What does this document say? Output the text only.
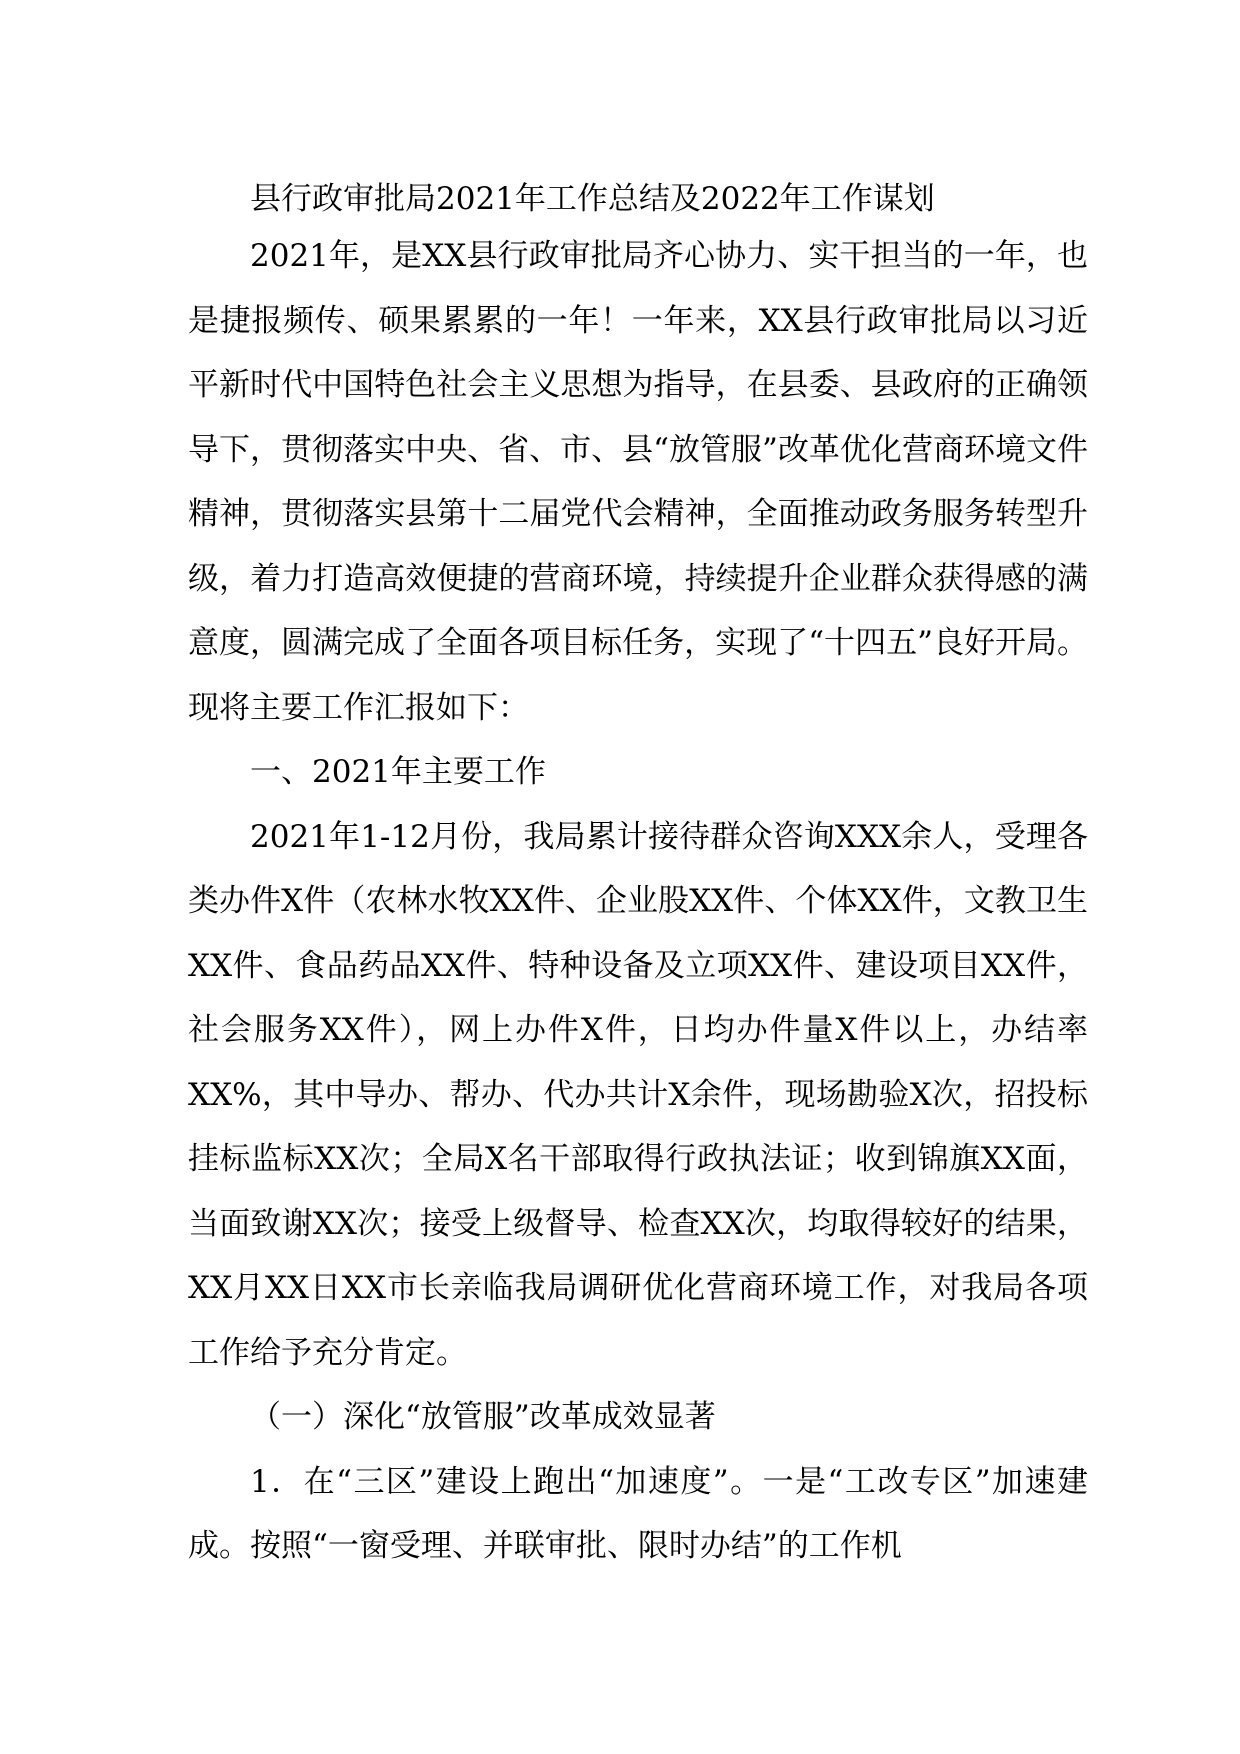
县行政审批局2021年工作总结及2022年工作谋划

2021年，是XX县行政审批局齐心协力、实干担当的一年，也是捷报频传、硕果累累的一年！一年来，XX县行政审批局以习近平新时代中国特色社会主义思想为指导，在县委、县政府的正确领导下，贯彻落实中央、省、市、县“放管服”改革优化营商环境文件精神，贯彻落实县第十二届党代会精神，全面推动政务服务转型升级，着力打造高效便捷的营商环境，持续提升企业群众获得感的满意度，圆满完成了全面各项目标任务，实现了“十四五”良好开局。现将主要工作汇报如下：

一、2021年主要工作

2021年1-12月份，我局累计接待群众咨询XXX余人，受理各类办件X件（农林水牧XX件、企业股XX件、个体XX件，文教卫生XX件、食品药品XX件、特种设备及立项XX件、建设项目XX件，社会服务XX件），网上办件X件，日均办件量X件以上，办结率XX%，其中导办、帮办、代办共计X余件，现场勘验X次，招投标挂标监标XX次；全局X名干部取得行政执法证；收到锦旗XX面，当面致谢XX次；接受上级督导、检查XX次，均取得较好的结果，XX月XX日XX市长亲临我局调研优化营商环境工作，对我局各项工作给予充分肯定。

（一）深化“放管服”改革成效显著

1．在“三区”建设上跑出“加速度”。一是“工改专区”加速建成。按照“一窗受理、并联审批、限时办结”的工作机
